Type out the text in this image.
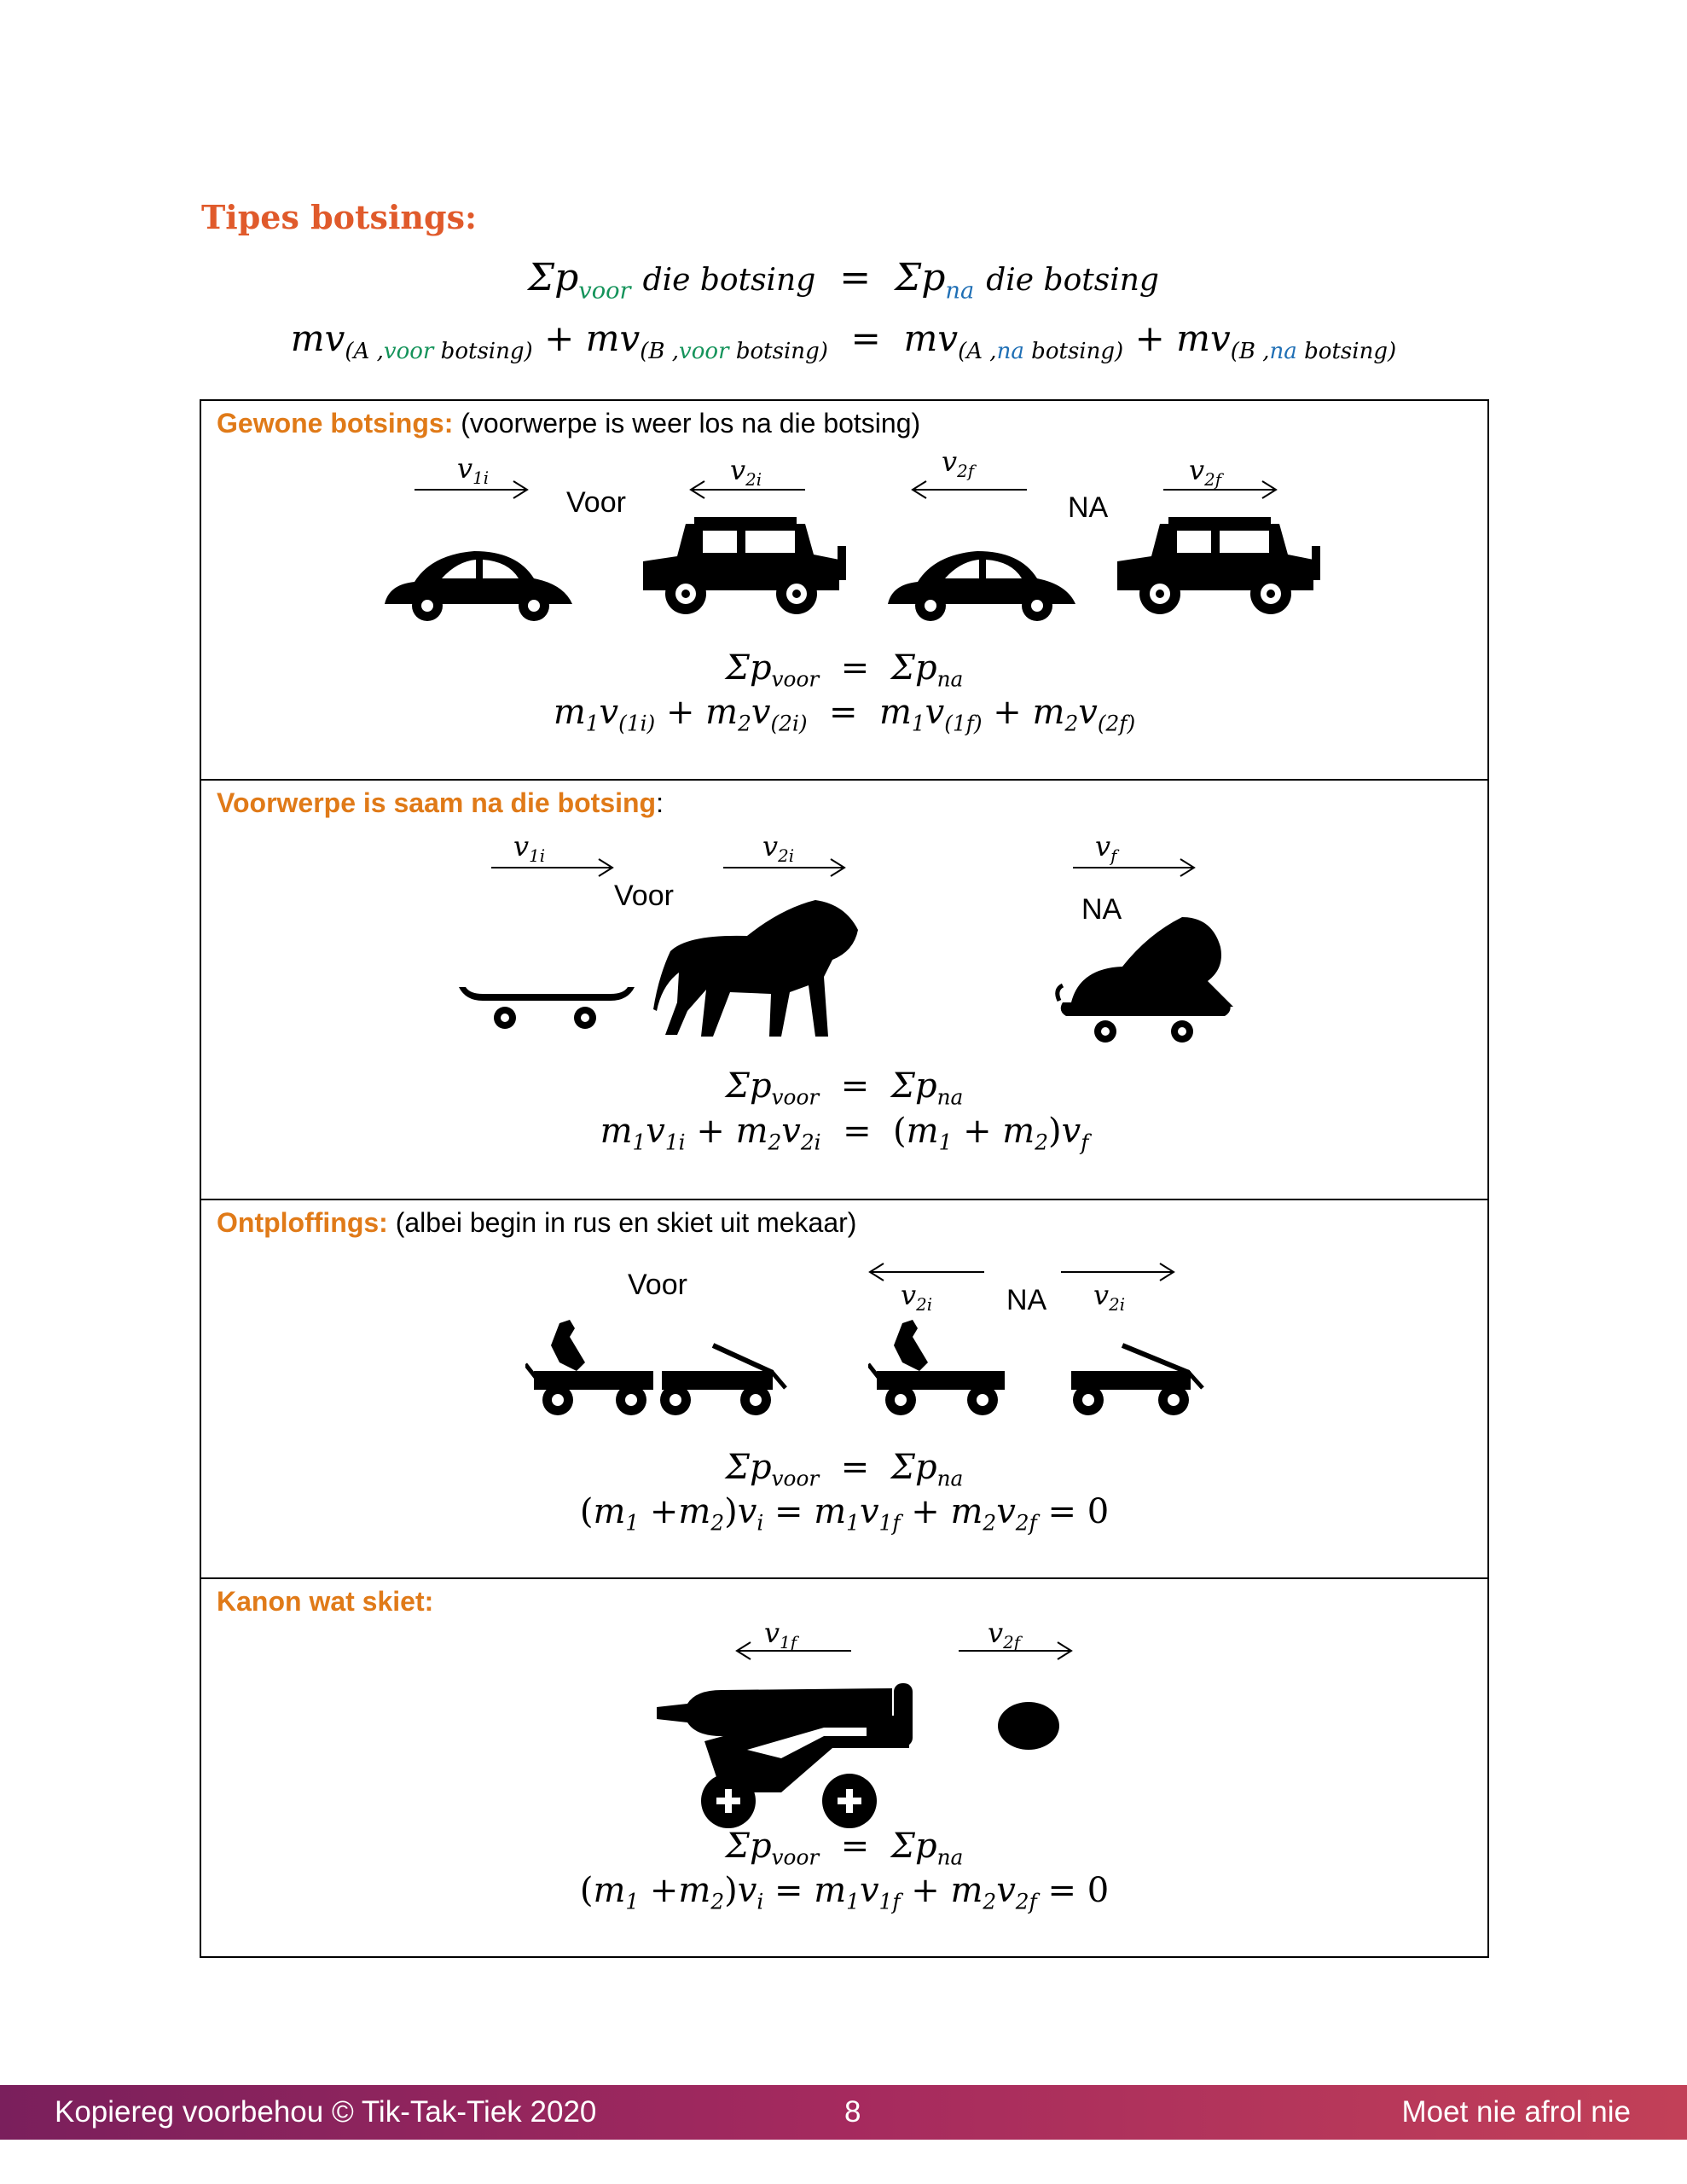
Tipes botsings:
$\Sigma p_{voor}$ die $botsing = \Sigma p_{na}$ die botsing
$mv_{(A ,voor botsing)} + mv_{(B ,voor botsing)} = mv_{(A ,na botsing)} + mv_{(B ,na botsing)}$
Gewone botsings: (voorwerpe is weer los na die botsing)
$v_{1i}$
Voor
$v_{2i}$
$v_{2f}$
NA
$v_{2f}$
$\Sigma p_{voor} = \Sigma p_{na}$
$m_1v_{(1i)} + m_2v_{(2i)} = m_1v_{(1f)} + m_2v_{(2f)}$
Voorwerpe is saam na die botsing:
$v_{1i}$
Voor
$v_{2i}$	$v_f$
NA
$\Sigma p_{voor} = \Sigma p_{na}$
$m_1v_{1i} + m_2v_{2i} = (m_1 + m_2)v_f$
Ontploffings: (albei begin in rus en skiet uit mekaar)
Voor	$v_{2i}$	NA $v_{2i}$
$\Sigma p_{voor} = \Sigma p_{na}$
$(m_1 +m_2)v_i = m_1v_{1f} + m_2v_{2f} = 0$
Kanon wat skiet:
$v_{1f}$	$v_{2f}$
$\Sigma p_{voor} = \Sigma p_{na}$
$(m_1 +m_2)v_i = m_1v_{1f} + m_2v_{2f} = 0$
Kopiereg voorbehou © Tik-Tak-Tiek 2020	8	Moet nie afrol nie
